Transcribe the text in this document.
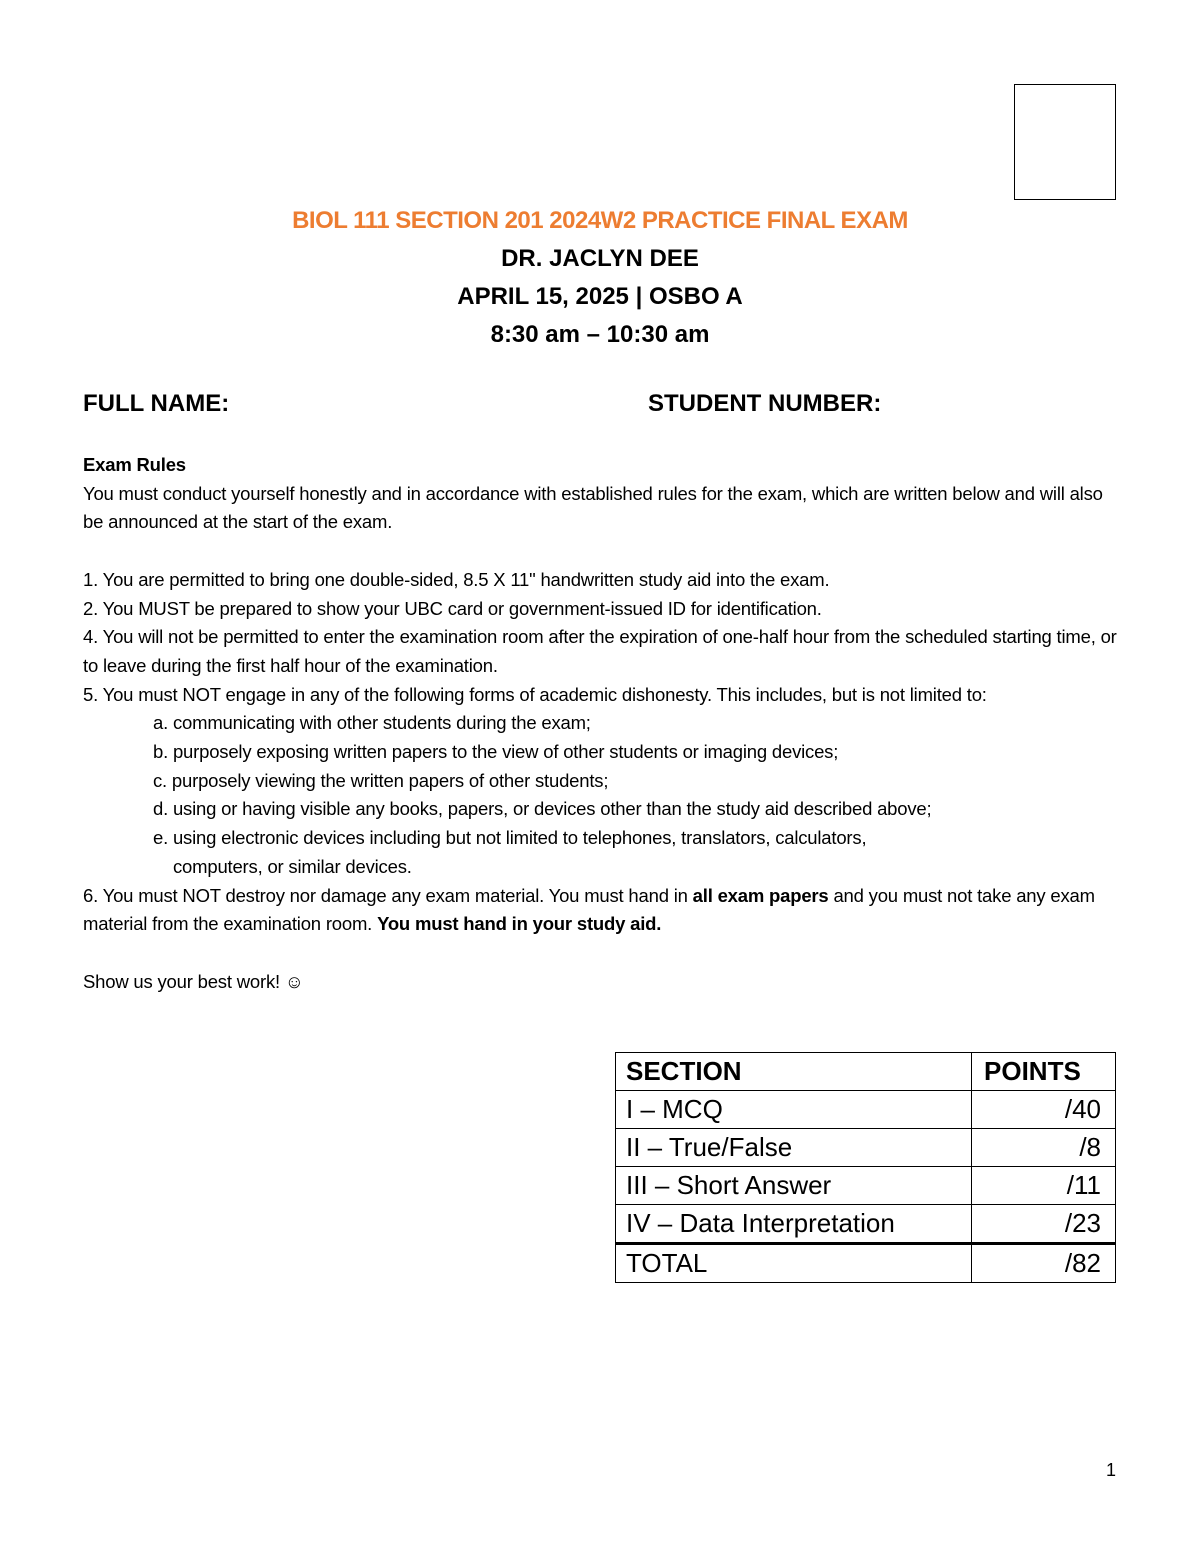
BIOL 111 SECTION 201 2024W2 PRACTICE FINAL EXAM
DR. JACLYN DEE
APRIL 15, 2025 | OSBO A
8:30 am – 10:30 am
FULL NAME:	STUDENT NUMBER:

Exam Rules

You must conduct yourself honestly and in accordance with established rules for the exam, which are written below and will also be announced at the start of the exam.

1. You are permitted to bring one double-sided, 8.5 X 11" handwritten study aid into the exam.

2. You MUST be prepared to show your UBC card or government-issued ID for identification.

4. You will not be permitted to enter the examination room after the expiration of one-half hour from the scheduled starting time, or to leave during the first half hour of the examination.

5. You must NOT engage in any of the following forms of academic dishonesty. This includes, but is not limited to:

a. communicating with other students during the exam;

b. purposely exposing written papers to the view of other students or imaging devices;

c. purposely viewing the written papers of other students;

d. using or having visible any books, papers, or devices other than the study aid described above;

e. using electronic devices including but not limited to telephones, translators, calculators,
computers, or similar devices.

6. You must NOT destroy nor damage any exam material. You must hand in all exam papers and you must not take any exam material from the examination room. You must hand in your study aid.

Show us your best work! ☺

SECTION	POINTS
I – MCQ	/40
II – True/False	/8
III – Short Answer	/11
IV – Data Interpretation	/23
TOTAL	/82
1
